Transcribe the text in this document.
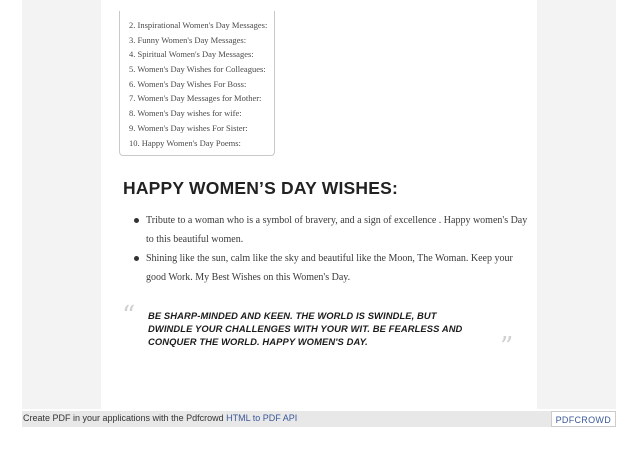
2. Inspirational Women's Day Messages:
3. Funny Women's Day Messages:
4. Spiritual Women's Day Messages:
5. Women's Day Wishes for Colleagues:
6. Women's Day Wishes For Boss:
7. Women's Day Messages for Mother:
8. Women's Day wishes for wife:
9. Women's Day wishes For Sister:
10. Happy Women's Day Poems:
HAPPY WOMEN’S DAY WISHES:
Tribute to a woman who is a symbol of bravery, and a sign of excellence . Happy women's Day to this beautiful women.
Shining like the sun, calm like the sky and beautiful like the Moon, The Woman. Keep your good Work. My Best Wishes on this Women's Day.
“ BE SHARP-MINDED AND KEEN. THE WORLD IS SWINDLE, BUT DWINDLE YOUR CHALLENGES WITH YOUR WIT. BE FEARLESS AND CONQUER THE WORLD. HAPPY WOMEN'S DAY.	”
Create PDF in your applications with the Pdfcrowd HTML to PDF API	PDFCROWD
